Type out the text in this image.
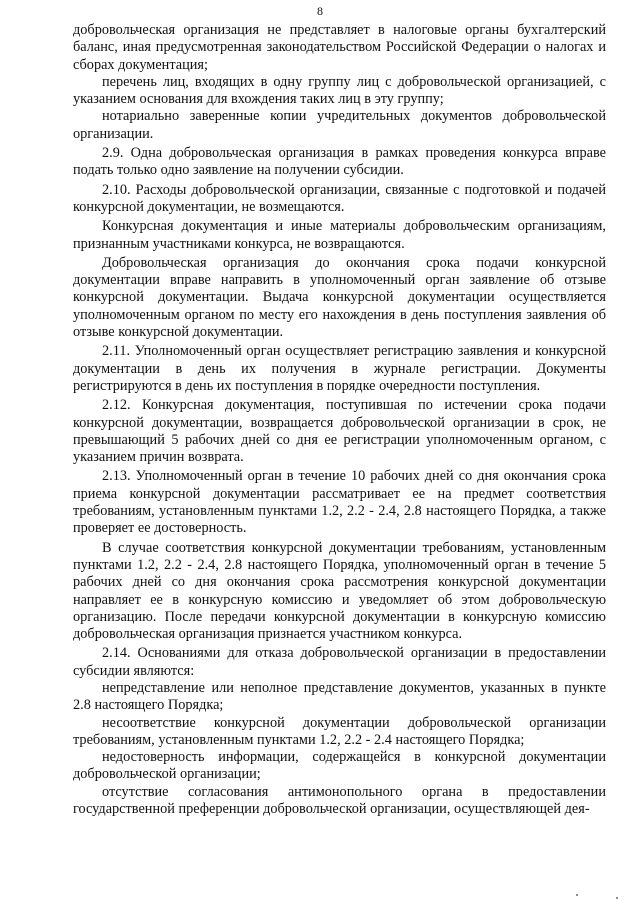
8

добровольческая организация не представляет в налоговые органы бухгалтерский баланс, иная предусмотренная законодательством Российской Федерации о налогах и сборах документация;

перечень лиц, входящих в одну группу лиц с добровольческой организацией, с указанием основания для вхождения таких лиц в эту группу;

нотариально заверенные копии учредительных документов добровольческой организации.

2.9. Одна добровольческая организация в рамках проведения конкурса вправе подать только одно заявление на получении субсидии.

2.10. Расходы добровольческой организации, связанные с подготовкой и подачей конкурсной документации, не возмещаются.

Конкурсная документация и иные материалы добровольческим организациям, признанным участниками конкурса, не возвращаются.

Добровольческая организация до окончания срока подачи конкурсной документации вправе направить в уполномоченный орган заявление об отзыве конкурсной документации. Выдача конкурсной документации осуществляется уполномоченным органом по месту его нахождения в день поступления заявления об отзыве конкурсной документации.

2.11. Уполномоченный орган осуществляет регистрацию заявления и конкурсной документации в день их получения в журнале регистрации. Документы регистрируются в день их поступления в порядке очередности поступления.

2.12. Конкурсная документация, поступившая по истечении срока подачи конкурсной документации, возвращается добровольческой организации в срок, не превышающий 5 рабочих дней со дня ее регистрации уполномоченным органом, с указанием причин возврата.

2.13. Уполномоченный орган в течение 10 рабочих дней со дня окончания срока приема конкурсной документации рассматривает ее на предмет соответствия требованиям, установленным пунктами 1.2, 2.2 - 2.4, 2.8 настоящего Порядка, а также проверяет ее достоверность.

В случае соответствия конкурсной документации требованиям, установленным пунктами 1.2, 2.2 - 2.4, 2.8 настоящего Порядка, уполномоченный орган в течение 5 рабочих дней со дня окончания срока рассмотрения конкурсной документации направляет ее в конкурсную комиссию и уведомляет об этом добровольческую организацию. После передачи конкурсной документации в конкурсную комиссию добровольческая организация признается участником конкурса.

2.14. Основаниями для отказа добровольческой организации в предоставлении субсидии являются:

непредставление или неполное представление документов, указанных в пункте 2.8 настоящего Порядка;

несоответствие конкурсной документации добровольческой организации требованиям, установленным пунктами 1.2, 2.2 - 2.4 настоящего Порядка;

недостоверность информации, содержащейся в конкурсной документации добровольческой организации;

отсутствие согласования антимонопольного органа в предоставлении государственной преференции добровольческой организации, осуществляющей дея-
